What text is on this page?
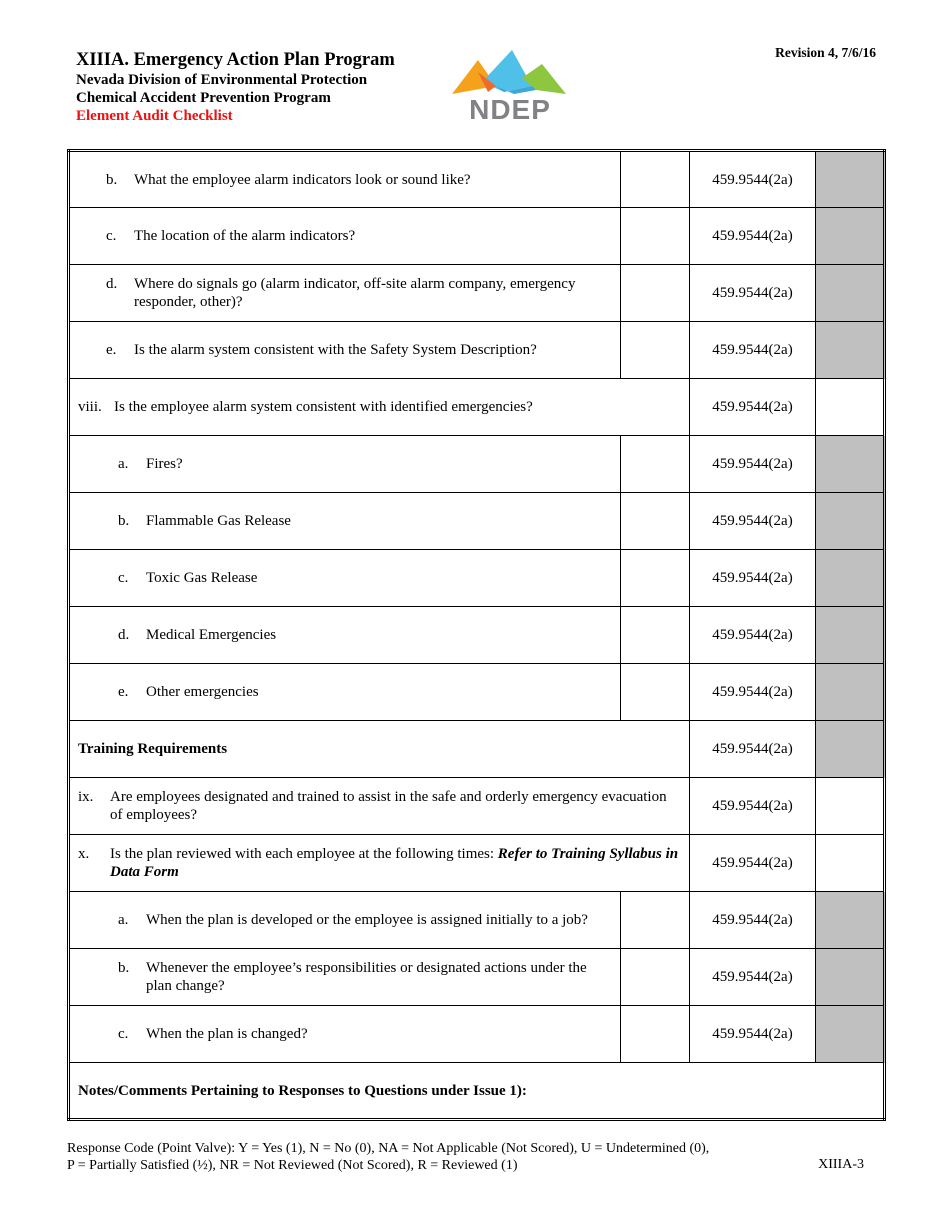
XIIIA. Emergency Action Plan Program
Nevada Division of Environmental Protection
Chemical Accident Prevention Program
Element Audit Checklist	NDEP
Revision 4, 7/6/16
b. What the employee alarm indicators look or sound like?		459.9544(2a)	

c. The location of the alarm indicators?		459.9544(2a)	

d. Where do signals go (alarm indicator, off-site alarm company, emergency responder, other)?		459.9544(2a)	

e. Is the alarm system consistent with the Safety System Description?		459.9544(2a)	

viii. Is the employee alarm system consistent with identified emergencies?		459.9544(2a)	

a. Fires?		459.9544(2a)	

b. Flammable Gas Release		459.9544(2a)	

c. Toxic Gas Release		459.9544(2a)	

d. Medical Emergencies		459.9544(2a)	

e. Other emergencies		459.9544(2a)	
Training Requirements		459.9544(2a)	

ix. Are employees designated and trained to assist in the safe and orderly emergency evacuation of employees?		459.9544(2a)	

x. Is the plan reviewed with each employee at the following times: Refer to Training Syllabus in Data Form		459.9544(2a)	

a. When the plan is developed or the employee is assigned initially to a job?		459.9544(2a)	

b. Whenever the employee’s responsibilities or designated actions under the plan change?		459.9544(2a)	

c. When the plan is changed?		459.9544(2a)	

Notes/Comments Pertaining to Responses to Questions under Issue 1):			
Response Code (Point Valve): Y = Yes (1), N = No (0), NA = Not Applicable (Not Scored), U = Undetermined (0),
P = Partially Satisfied (½), NR = Not Reviewed (Not Scored), R = Reviewed (1)	XIIIA-3
